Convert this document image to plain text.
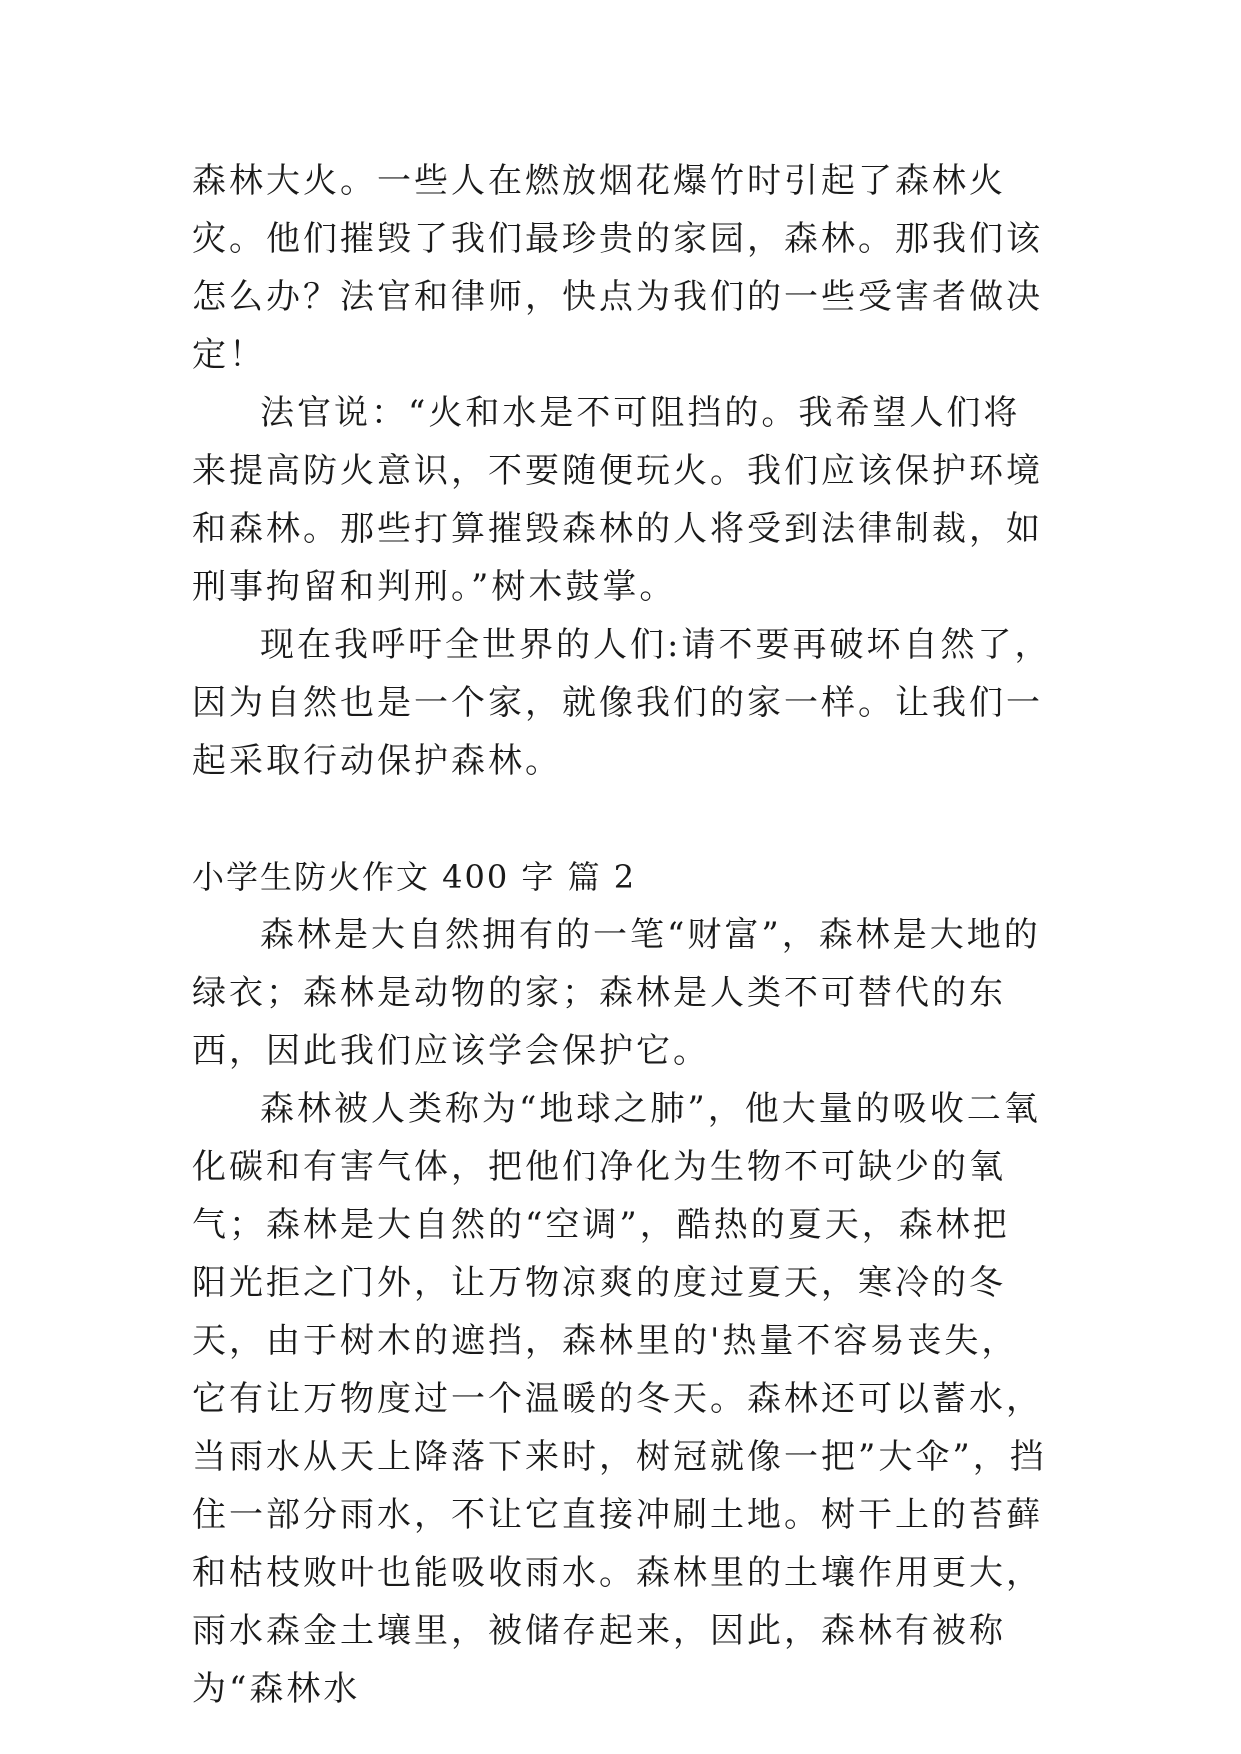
森林大火。一些人在燃放烟花爆竹时引起了森林火灾。他们摧毁了我们最珍贵的家园，森林。那我们该怎么办？法官和律师，快点为我们的一些受害者做决定！

法官说：“火和水是不可阻挡的。我希望人们将来提高防火意识，不要随便玩火。我们应该保护环境和森林。那些打算摧毁森林的人将受到法律制裁，如刑事拘留和判刑。”树木鼓掌。

现在我呼吁全世界的人们:请不要再破坏自然了，因为自然也是一个家，就像我们的家一样。让我们一起采取行动保护森林。

小学生防火作文 400 字 篇 2

森林是大自然拥有的一笔“财富”，森林是大地的绿衣；森林是动物的家；森林是人类不可替代的东西，因此我们应该学会保护它。

森林被人类称为“地球之肺”，他大量的吸收二氧化碳和有害气体，把他们净化为生物不可缺少的氧气；森林是大自然的“空调”，酷热的夏天，森林把 阳光拒之门外，让万物凉爽的度过夏天，寒冷的冬天，由于树木的遮挡，森林里的'热量不容易丧失，它有让万物度过一个温暖的冬天。森林还可以蓄水，当雨水从天上降落下来时，树冠就像一把”大伞”，挡住一部分雨水，不让它直接冲刷土地。树干上的苔藓和枯枝败叶也能吸收雨水。森林里的土壤作用更大，雨水森金土壤里，被储存起来，因此，森林有被称为“森林水
